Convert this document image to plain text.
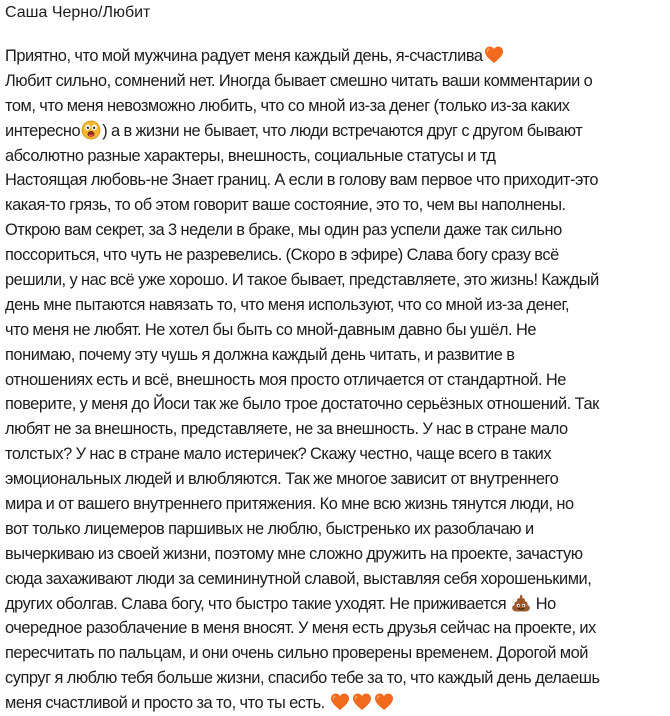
Саша Черно/Любит
Приятно, что мой мужчина радует меня каждый день, я-счастлива
Любит сильно, сомнений нет. Иногда бывает смешно читать ваши комментарии о
том, что меня невозможно любить, что со мной из-за денег (только из-за каких
интересно ) а в жизни не бывает, что люди встречаются друг с другом бывают
абсолютно разные характеры, внешность, социальные статусы и тд
Настоящая любовь-не Знает границ. А если в голову вам первое что приходит-это
какая-то грязь, то об этом говорит ваше состояние, это то, чем вы наполнены.
Открою вам секрет, за 3 недели в браке, мы один раз успели даже так сильно
поссориться, что чуть не разревелись. (Скоро в эфире) Слава богу сразу всё
решили, у нас всё уже хорошо. И такое бывает, представляете, это жизнь! Каждый
день мне пытаются навязать то, что меня используют, что со мной из-за денег,
что меня не любят. Не хотел бы быть со мной-давным давно бы ушёл. Не
понимаю, почему эту чушь я должна каждый день читать, и развитие в
отношениях есть и всё, внешность моя просто отличается от стандартной. Не
поверите, у меня до Йоси так же было трое достаточно серьёзных отношений. Так
любят не за внешность, представляете, не за внешность. У нас в стране мало
толстых? У нас в стране мало истеричек? Скажу честно, чаще всего в таких
эмоциональных людей и влюбляются. Так же многое зависит от внутреннего
мира и от вашего внутреннего притяжения. Ко мне всю жизнь тянутся люди, но
вот только лицемеров паршивых не люблю, быстренько их разоблачаю и
вычеркиваю из своей жизни, поэтому мне сложно дружить на проекте, зачастую
сюда захаживают люди за семининутной славой, выставляя себя хорошенькими,
других оболгав. Слава богу, что быстро такие уходят. Не приживается
Но
очередное разоблачение в меня вносят. У меня есть друзья сейчас на проекте, их
пересчитать по пальцам, и они очень сильно проверены временем. Дорогой мой
супруг я люблю тебя больше жизни, спасибо тебе за то, что каждый день делаешь
меня счастливой и просто за то, что ты есть.
